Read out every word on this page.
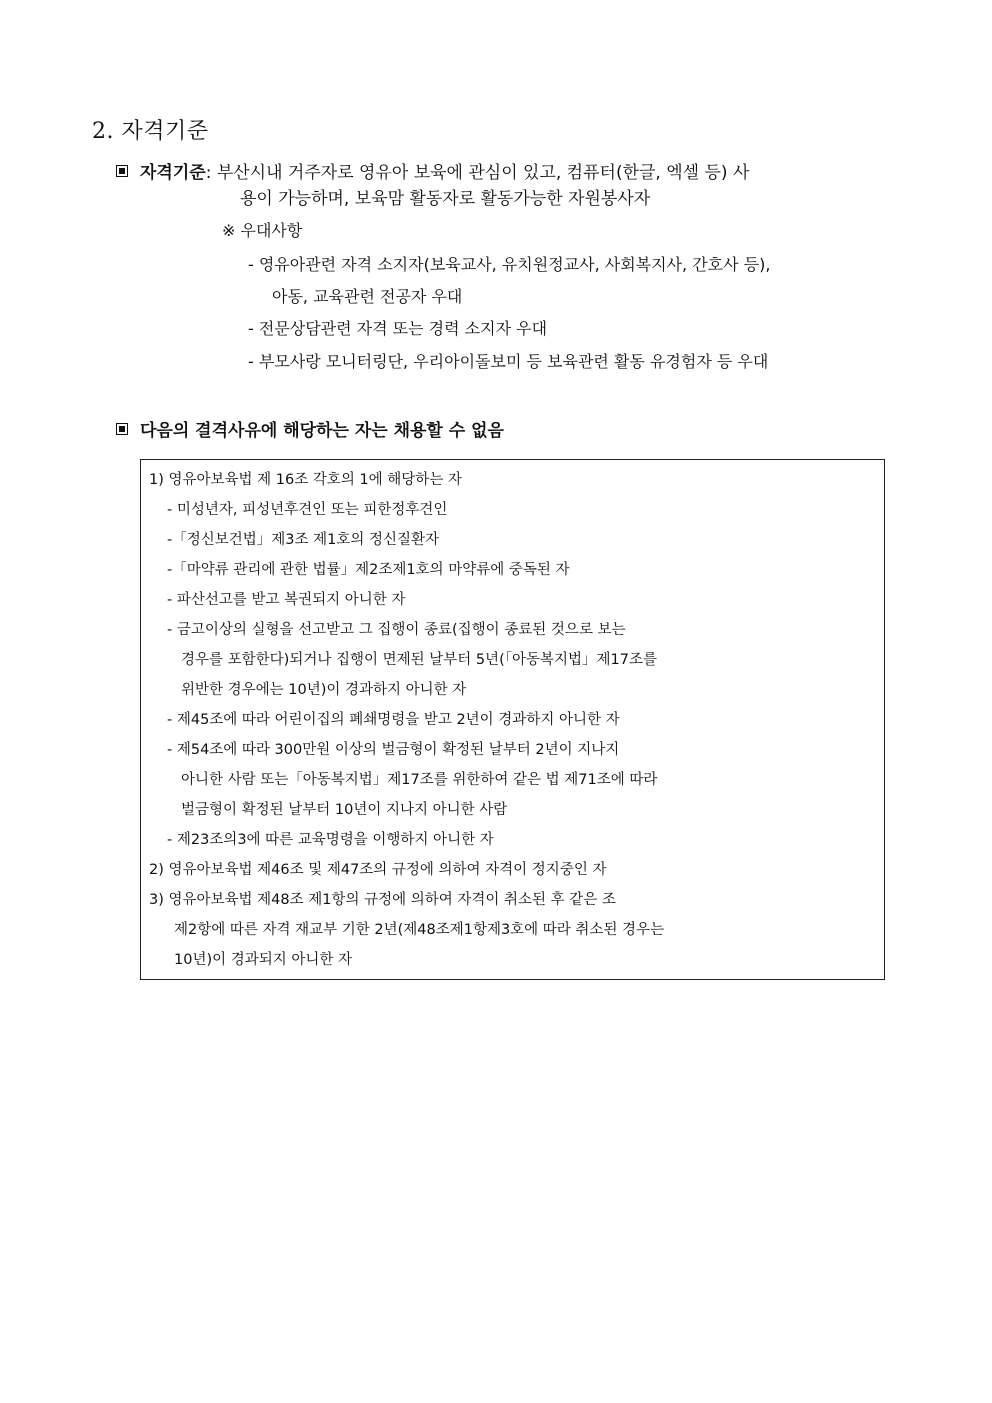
2. 자격기준
자격기준: 부산시내 거주자로 영유아 보육에 관심이 있고, 컴퓨터(한글, 엑셀 등) 사
용이 가능하며, 보육맘 활동자로 활동가능한 자원봉사자
※ 우대사항
- 영유아관련 자격 소지자(보육교사, 유치원정교사, 사회복지사, 간호사 등),
아동, 교육관련 전공자 우대
- 전문상담관련 자격 또는 경력 소지자 우대
- 부모사랑 모니터링단, 우리아이돌보미 등 보육관련 활동 유경험자 등 우대
다음의 결격사유에 해당하는 자는 채용할 수 없음
1) 영유아보육법 제 16조 각호의 1에 해당하는 자
- 미성년자, 피성년후견인 또는 피한정후견인
-「정신보건법」제3조 제1호의 정신질환자
-「마약류 관리에 관한 법률」제2조제1호의 마약류에 중독된 자
- 파산선고를 받고 복권되지 아니한 자
- 금고이상의 실형을 선고받고 그 집행이 종료(집행이 종료된 것으로 보는
경우를 포함한다)되거나 집행이 면제된 날부터 5년(「아동복지법」제17조를
위반한 경우에는 10년)이 경과하지 아니한 자
- 제45조에 따라 어린이집의 폐쇄명령을 받고 2년이 경과하지 아니한 자
- 제54조에 따라 300만원 이상의 벌금형이 확정된 날부터 2년이 지나지
아니한 사람 또는「아동복지법」제17조를 위한하여 같은 법 제71조에 따라
벌금형이 확정된 날부터 10년이 지나지 아니한 사람
- 제23조의3에 따른 교육명령을 이행하지 아니한 자
2) 영유아보육법 제46조 및 제47조의 규정에 의하여 자격이 정지중인 자
3) 영유아보육법 제48조 제1항의 규정에 의하여 자격이 취소된 후 같은 조
제2항에 따른 자격 재교부 기한 2년(제48조제1항제3호에 따라 취소된 경우는
10년)이 경과되지 아니한 자
